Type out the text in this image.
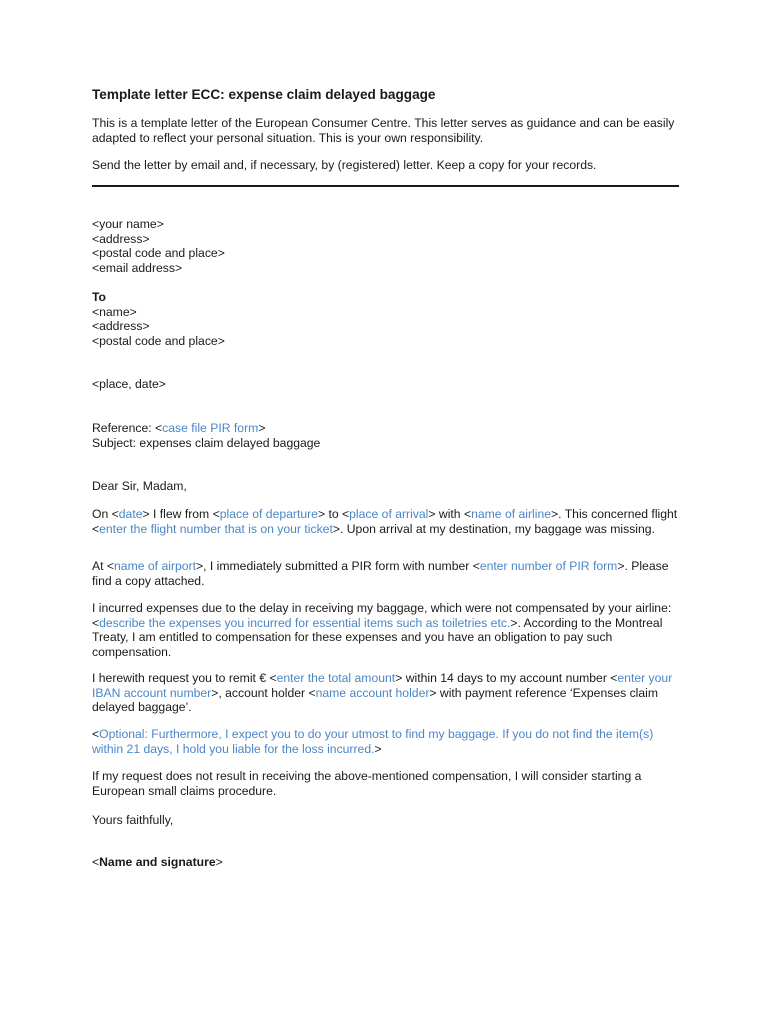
Template letter ECC: expense claim delayed baggage

This is a template letter of the European Consumer Centre. This letter serves as guidance and can be easily adapted to reflect your personal situation. This is your own responsibility.

Send the letter by email and, if necessary, by (registered) letter. Keep a copy for your records.

<your name>
<address>
<postal code and place>
<email address>
To
<name>
<address>
<postal code and place>
<place, date>
Reference: <case file PIR form>
Subject: expenses claim delayed baggage
Dear Sir, Madam,

On <date> I flew from <place of departure> to <place of arrival> with <name of airline>. This concerned flight <enter the flight number that is on your ticket>. Upon arrival at my destination, my baggage was missing.

At <name of airport>, I immediately submitted a PIR form with number <enter number of PIR form>. Please find a copy attached.

I incurred expenses due to the delay in receiving my baggage, which were not compensated by your airline: <describe the expenses you incurred for essential items such as toiletries etc.>. According to the Montreal Treaty, I am entitled to compensation for these expenses and you have an obligation to pay such compensation.

I herewith request you to remit € <enter the total amount> within 14 days to my account number <enter your IBAN account number>, account holder <name account holder> with payment reference ‘Expenses claim delayed baggage’.

<Optional: Furthermore, I expect you to do your utmost to find my baggage. If you do not find the item(s) within 21 days, I hold you liable for the loss incurred.>

If my request does not result in receiving the above-mentioned compensation, I will consider starting a European small claims procedure.

Yours faithfully,
<Name and signature>
